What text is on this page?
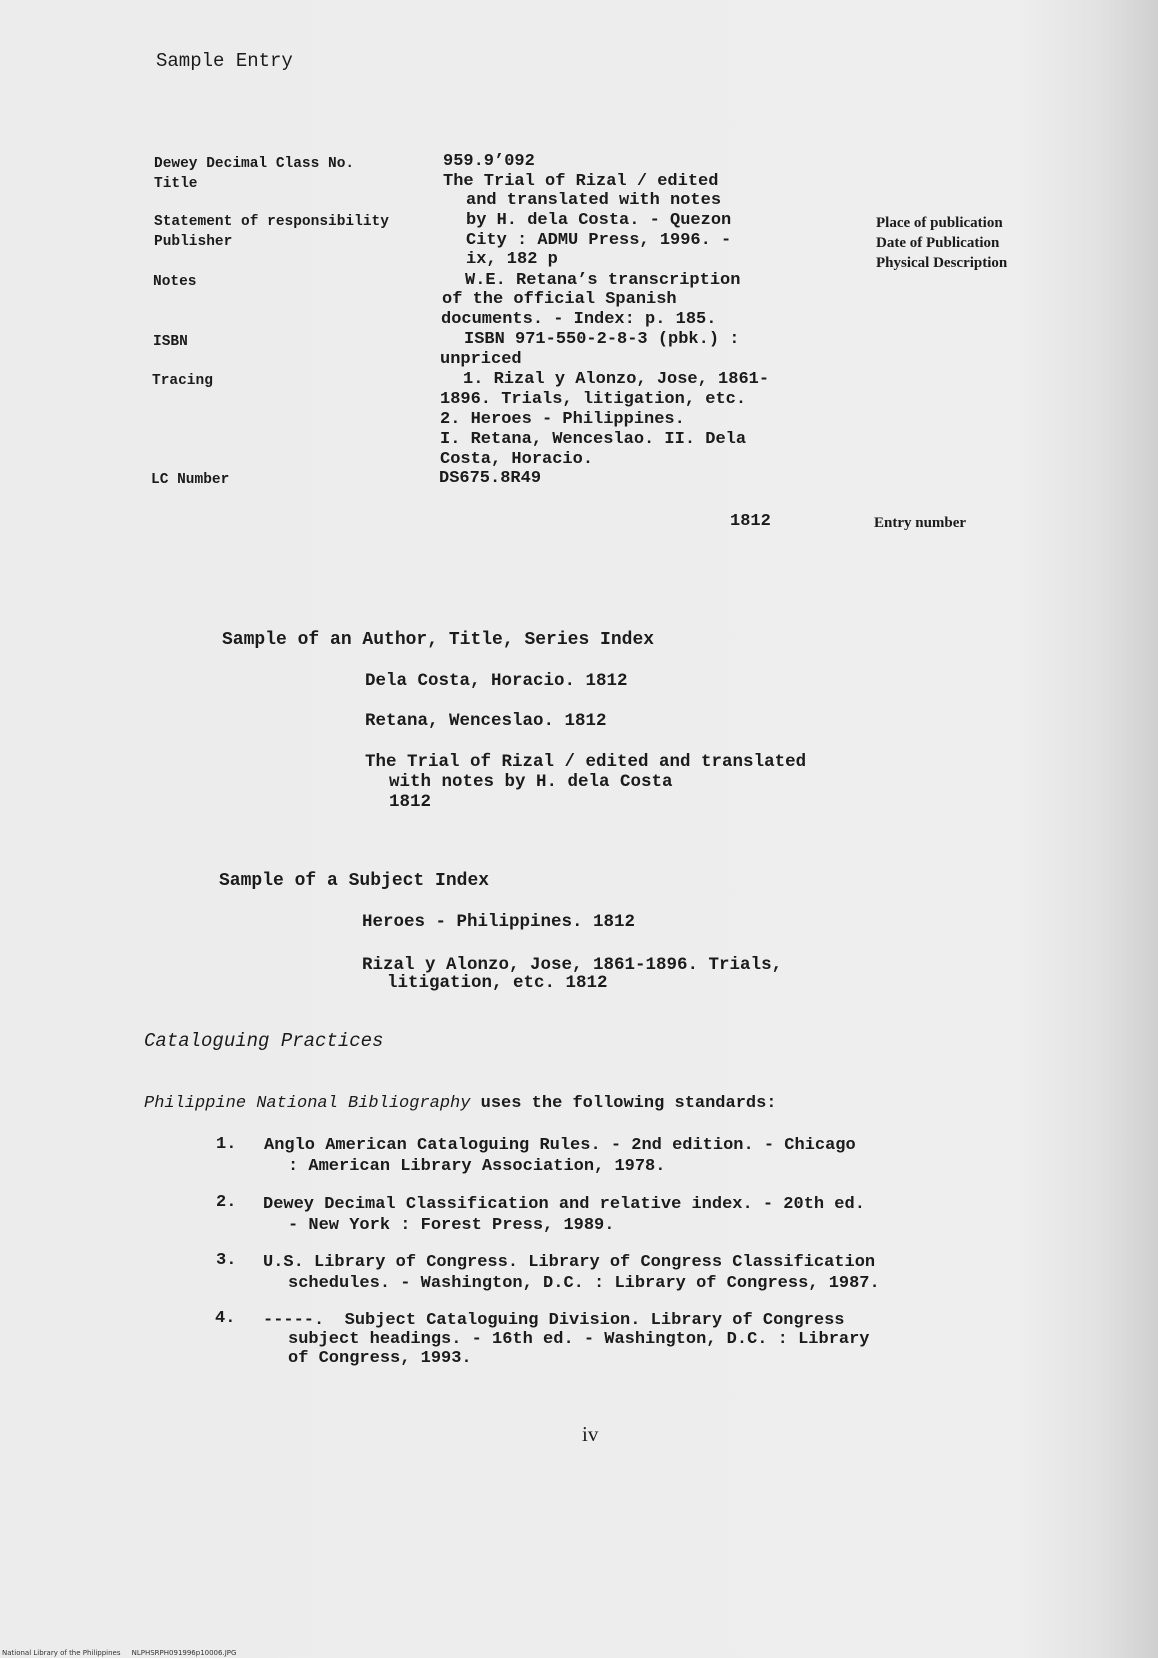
Sample Entry
Dewey Decimal Class No.
Title
Statement of responsibility
Publisher
Notes
ISBN
Tracing
LC Number
959.9’092
The Trial of Rizal / edited
and translated with notes
by H. dela Costa. - Quezon
City : ADMU Press, 1996. -
ix, 182 p
W.E. Retana’s transcription
of the official Spanish
documents. - Index: p. 185.
ISBN 971-550-2-8-3 (pbk.) :
unpriced
1. Rizal y Alonzo, Jose, 1861-
1896. Trials, litigation, etc.
2. Heroes - Philippines.
I. Retana, Wenceslao. II. Dela
Costa, Horacio.
DS675.8R49
Place of publication
Date of Publication
Physical Description
1812	Entry number
Sample of an Author, Title, Series Index
Dela Costa, Horacio. 1812
Retana, Wenceslao. 1812
The Trial of Rizal / edited and translated
with notes by H. dela Costa
1812
Sample of a Subject Index
Heroes - Philippines. 1812
Rizal y Alonzo, Jose, 1861-1896. Trials,
litigation, etc. 1812
Cataloguing Practices
Philippine National Bibliography uses the following standards:
1. Anglo American Cataloguing Rules. - 2nd edition. - Chicago
: American Library Association, 1978.
2. Dewey Decimal Classification and relative index. - 20th ed.
- New York : Forest Press, 1989.
3. U.S. Library of Congress. Library of Congress Classification
schedules. - Washington, D.C. : Library of Congress, 1987.
4. -----.  Subject Cataloguing Division. Library of Congress
subject headings. - 16th ed. - Washington, D.C. : Library
of Congress, 1993.
iv
National Library of the Philippines     NLPHSRPH091996p10006.JPG
